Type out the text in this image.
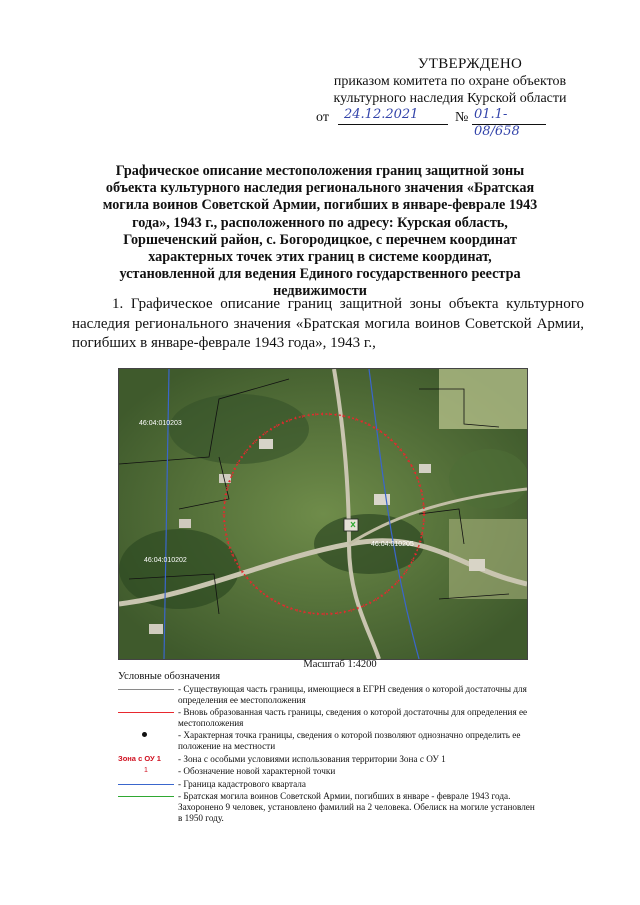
УТВЕРЖДЕНО
приказом комитета по охране объектов
культурного наследия Курской области
от 24.12.2021	№ 01.1-08/658
Графическое описание местоположения границ защитной зоны объекта культурного наследия регионального значения «Братская могила воинов Советской Армии, погибших в январе-феврале 1943 года», 1943 г., расположенного по адресу: Курская область, Горшеченский район, с. Богородицкое, с перечнем координат характерных точек этих границ в системе координат, установленной для ведения Единого государственного реестра недвижимости
1. Графическое описание границ защитной зоны объекта культурного наследия регионального значения «Братская могила воинов Советской Армии, погибших в январе-феврале 1943 года», 1943 г.,
46:04:010203
46:04:010202
46:04:010205
Масштаб 1:4200
Условные обозначения
- Существующая часть границы, имеющиеся в ЕГРН сведения о которой достаточны для определения ее местоположения
- Вновь образованная часть границы, сведения о которой достаточны для определения ее местоположения
- Характерная точка границы, сведения о которой позволяют однозначно определить ее положение на местности
Зона с ОУ 1 - Зона с особыми условиями использования территории Зона с ОУ 1
1	- Обозначение новой характерной точки
- Граница кадастрового квартала
- Братская могила воинов Советской Армии, погибших в январе - феврале 1943 года. Захоронено 9 человек, установлено фамилий на 2 человека. Обелиск на могиле установлен в 1950 году.
